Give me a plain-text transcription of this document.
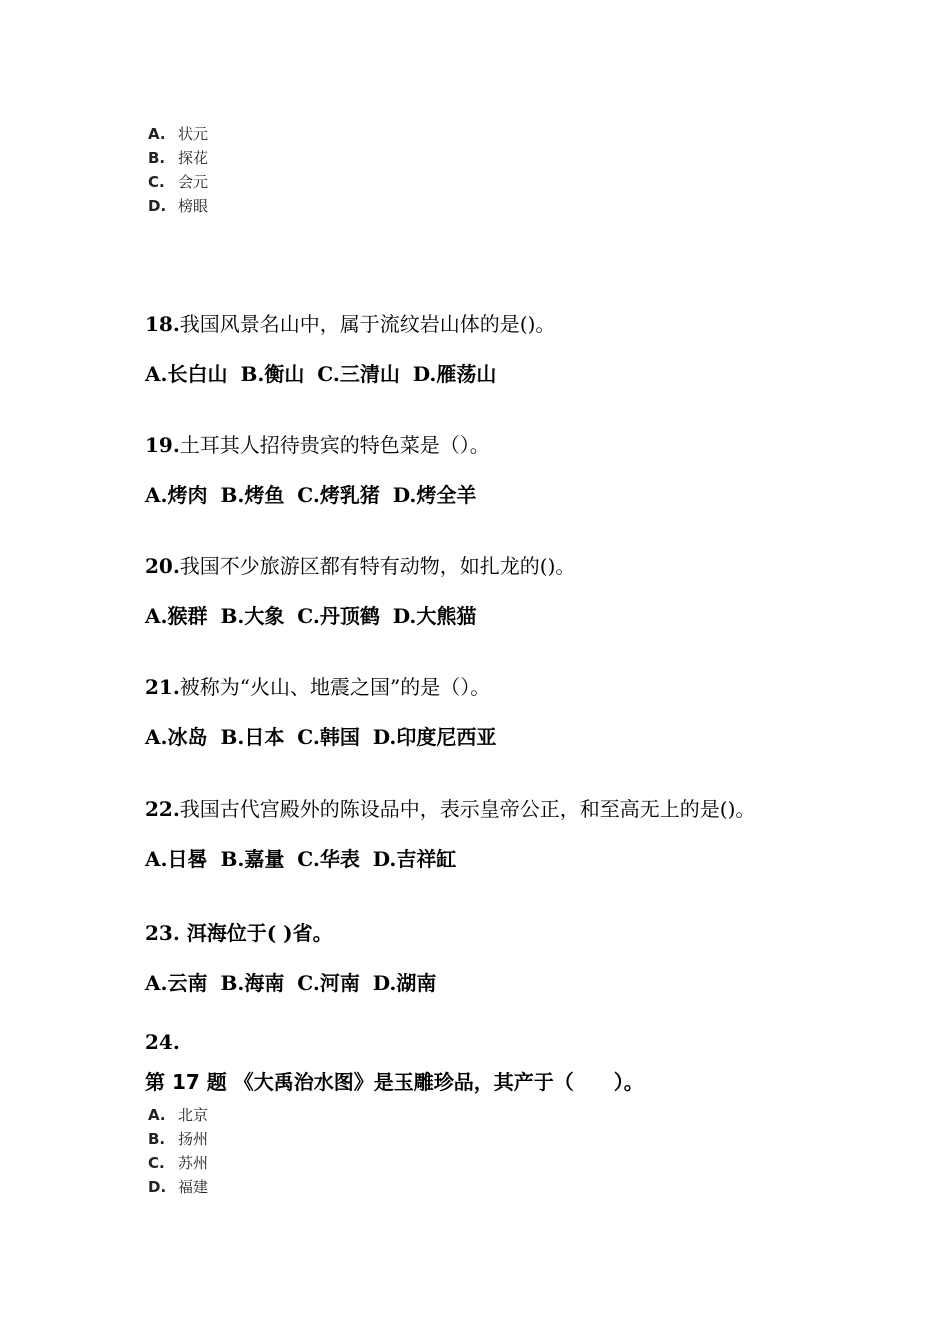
A. 状元
B. 探花
C. 会元
D. 榜眼
18.我国风景名山中，属于流纹岩山体的是()。
A.长白山 B.衡山 C.三清山 D.雁荡山
19.土耳其人招待贵宾的特色菜是（）。
A.烤肉 B.烤鱼 C.烤乳猪 D.烤全羊
20.我国不少旅游区都有特有动物，如扎龙的()。
A.猴群 B.大象 C.丹顶鹤 D.大熊猫
21.被称为“火山、地震之国”的是（）。
A.冰岛 B.日本 C.韩国 D.印度尼西亚
22.我国古代宫殿外的陈设品中，表示皇帝公正，和至高无上的是()。
A.日晷 B.嘉量 C.华表 D.吉祥缸
23. 洱海位于( )省。
A.云南 B.海南 C.河南 D.湖南
24.
第 17 题 《大禹治水图》是玉雕珍品，其产于（　　）。
A. 北京
B. 扬州
C. 苏州
D. 福建
